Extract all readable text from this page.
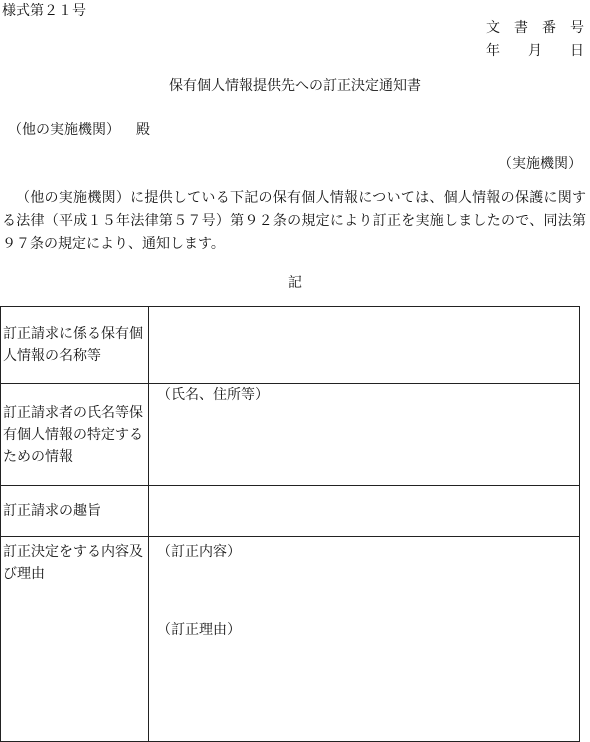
様式第２１号
文　書　番　号
年　　月　　日
保有個人情報提供先への訂正決定通知書
（他の実施機関） 殿
（実施機関）
（他の実施機関）に提供している下記の保有個人情報については、個人情報の保護に関する法律（平成１５年法律第５７号）第９２条の規定により訂正を実施しましたので、同法第９７条の規定により、通知します。
記
訂正請求に係る保有個人情報の名称等	
訂正請求者の氏名等保有個人情報の特定するための情報	（氏名、住所等）

訂正請求の趣旨	
訂正決定をする内容及び理由	（訂正内容）
（訂正理由）
